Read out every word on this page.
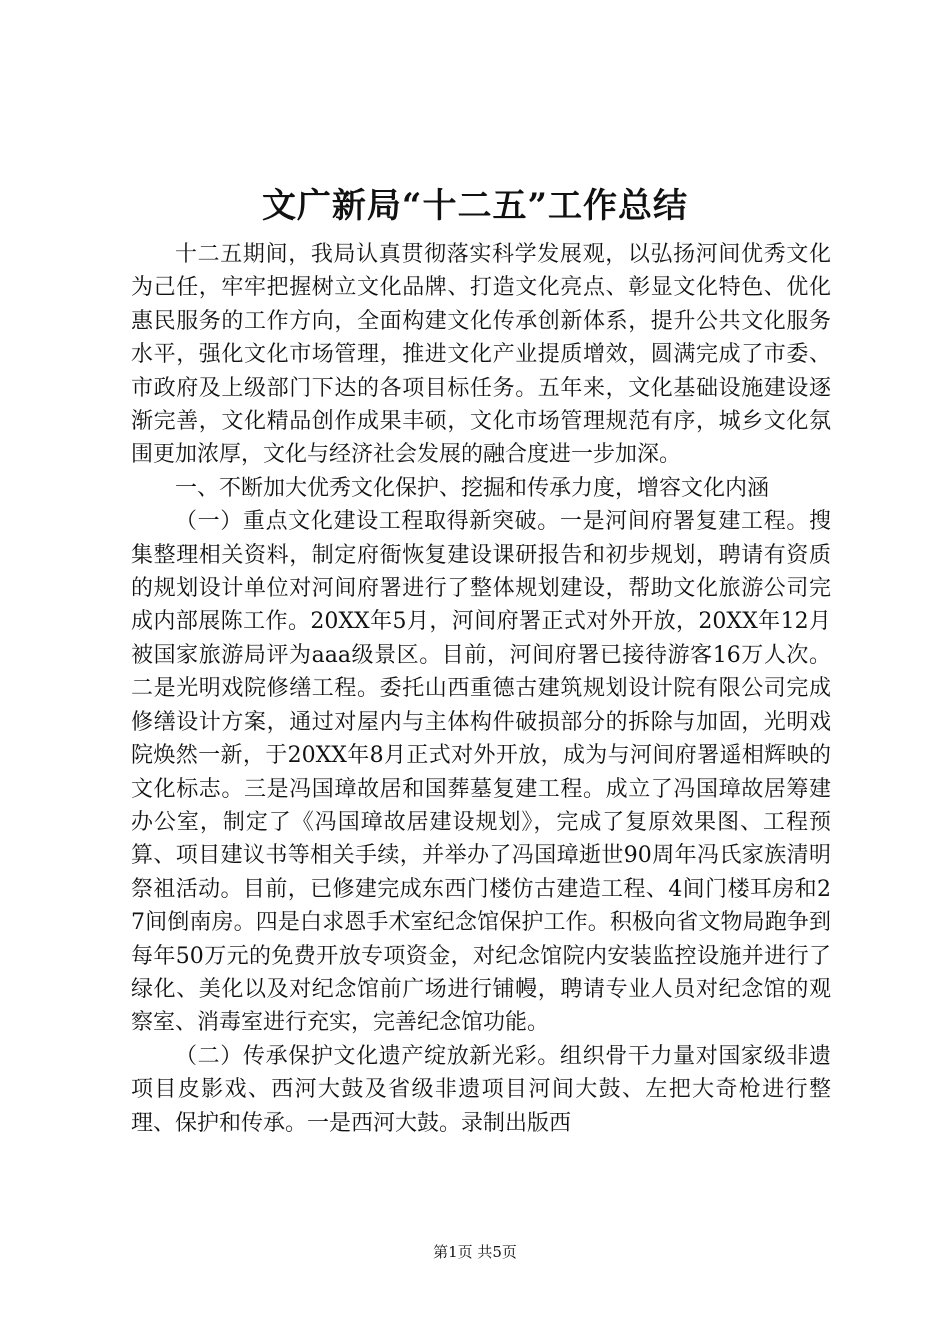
文广新局“十二五”工作总结

十二五期间，我局认真贯彻落实科学发展观，以弘扬河间优秀文化为己任，牢牢把握树立文化品牌、打造文化亮点、彰显文化特色、优化惠民服务的工作方向，全面构建文化传承创新体系，提升公共文化服务水平，强化文化市场管理，推进文化产业提质增效，圆满完成了市委、市政府及上级部门下达的各项目标任务。五年来，文化基础设施建设逐渐完善，文化精品创作成果丰硕，文化市场管理规范有序，城乡文化氛围更加浓厚，文化与经济社会发展的融合度进一步加深。

一、不断加大优秀文化保护、挖掘和传承力度，增容文化内涵

（一）重点文化建设工程取得新突破。一是河间府署复建工程。搜集整理相关资料，制定府衙恢复建设课研报告和初步规划，聘请有资质的规划设计单位对河间府署进行了整体规划建设，帮助文化旅游公司完成内部展陈工作。20XX年5月，河间府署正式对外开放，20XX年12月被国家旅游局评为aaa级景区。目前，河间府署已接待游客16万人次。二是光明戏院修缮工程。委托山西重德古建筑规划设计院有限公司完成修缮设计方案，通过对屋内与主体构件破损部分的拆除与加固，光明戏院焕然一新，于20XX年8月正式对外开放，成为与河间府署遥相辉映的文化标志。三是冯国璋故居和国葬墓复建工程。成立了冯国璋故居筹建办公室，制定了《冯国璋故居建设规划》，完成了复原效果图、工程预算、项目建议书等相关手续，并举办了冯国璋逝世90周年冯氏家族清明祭祖活动。目前，已修建完成东西门楼仿古建造工程、4间门楼耳房和27间倒南房。四是白求恩手术室纪念馆保护工作。积极向省文物局跑争到每年50万元的免费开放专项资金，对纪念馆院内安装监控设施并进行了绿化、美化以及对纪念馆前广场进行铺幔，聘请专业人员对纪念馆的观察室、消毒室进行充实，完善纪念馆功能。

（二）传承保护文化遗产绽放新光彩。组织骨干力量对国家级非遗项目皮影戏、西河大鼓及省级非遗项目河间大鼓、左把大奇枪进行整理、保护和传承。一是西河大鼓。录制出版西

第1页 共5页
